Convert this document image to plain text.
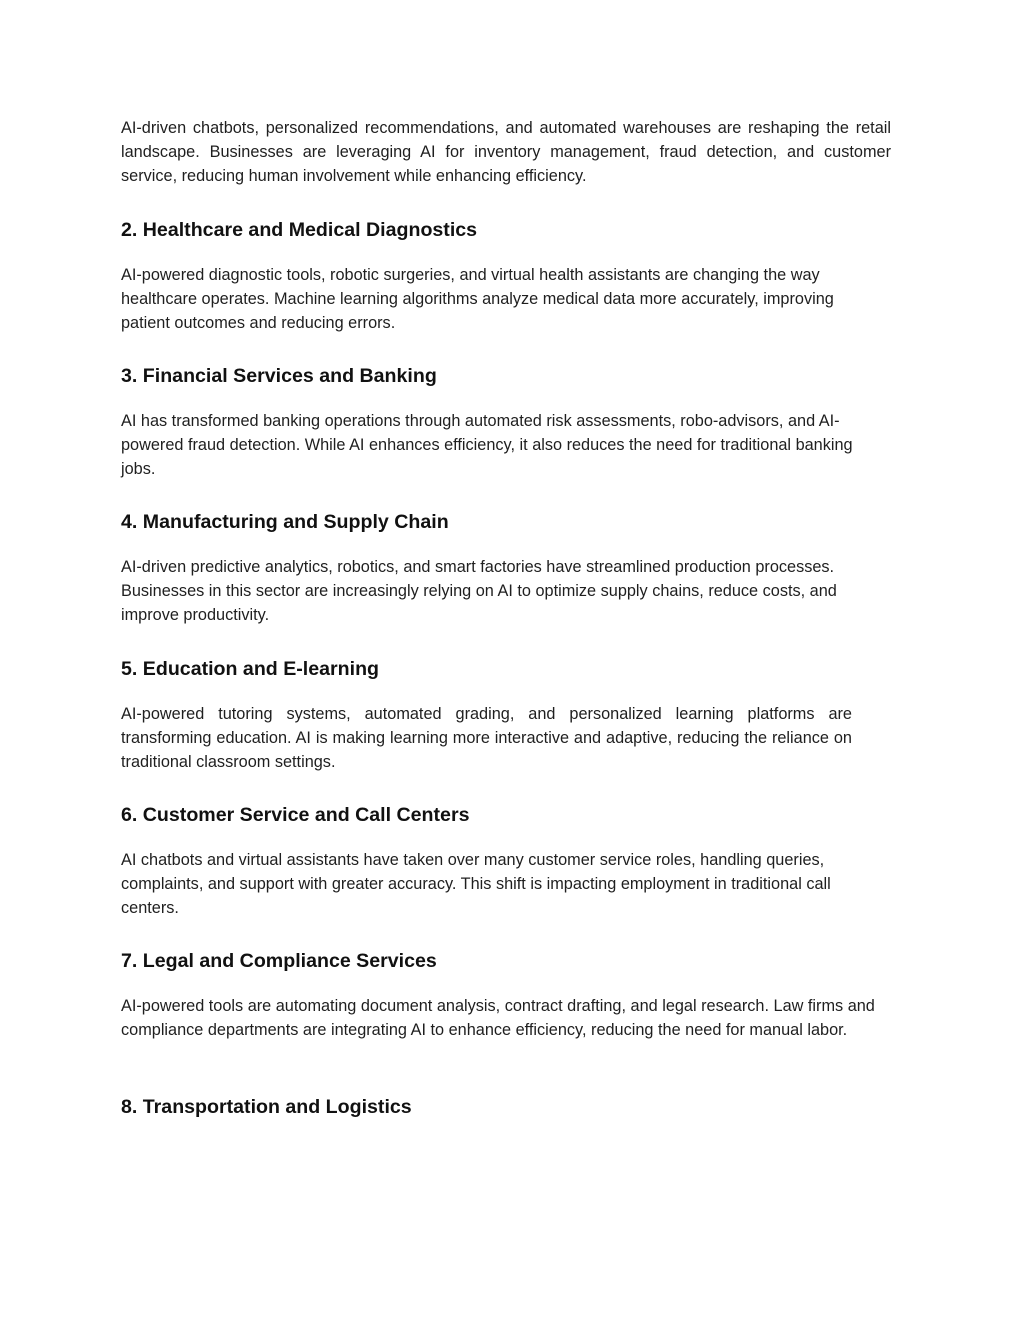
AI-driven chatbots, personalized recommendations, and automated warehouses are reshaping the retail landscape. Businesses are leveraging AI for inventory management, fraud detection, and customer service, reducing human involvement while enhancing efficiency.

2. Healthcare and Medical Diagnostics

AI-powered diagnostic tools, robotic surgeries, and virtual health assistants are changing the way healthcare operates. Machine learning algorithms analyze medical data more accurately, improving patient outcomes and reducing errors.

3. Financial Services and Banking

AI has transformed banking operations through automated risk assessments, robo-advisors, and AI-powered fraud detection. While AI enhances efficiency, it also reduces the need for traditional banking jobs.

4. Manufacturing and Supply Chain

AI-driven predictive analytics, robotics, and smart factories have streamlined production processes. Businesses in this sector are increasingly relying on AI to optimize supply chains, reduce costs, and improve productivity.

5. Education and E-learning

AI-powered tutoring systems, automated grading, and personalized learning platforms are transforming education. AI is making learning more interactive and adaptive, reducing the reliance on traditional classroom settings.

6. Customer Service and Call Centers

AI chatbots and virtual assistants have taken over many customer service roles, handling queries, complaints, and support with greater accuracy. This shift is impacting employment in traditional call centers.

7. Legal and Compliance Services

AI-powered tools are automating document analysis, contract drafting, and legal research. Law firms and compliance departments are integrating AI to enhance efficiency, reducing the need for manual labor.

8. Transportation and Logistics
